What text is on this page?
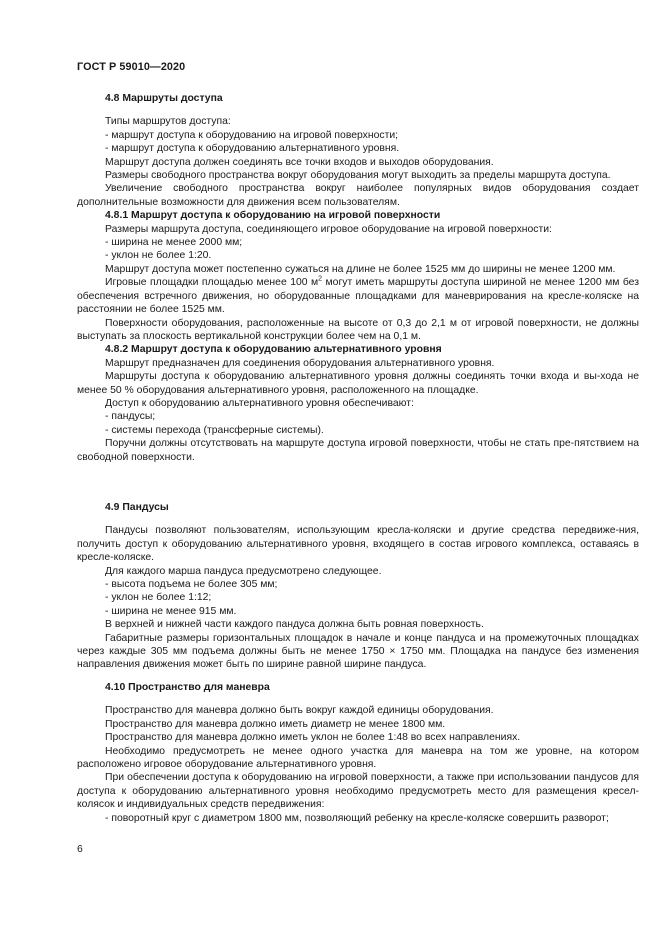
ГОСТ Р 59010—2020
4.8 Маршруты доступа

Типы маршрутов доступа:

- маршрут доступа к оборудованию на игровой поверхности;

- маршрут доступа к оборудованию альтернативного уровня.

Маршрут доступа должен соединять все точки входов и выходов оборудования.

Размеры свободного пространства вокруг оборудования могут выходить за пределы маршрута доступа.

Увеличение свободного пространства вокруг наиболее популярных видов оборудования создает дополнительные возможности для движения всем пользователям.

4.8.1 Маршрут доступа к оборудованию на игровой поверхности

Размеры маршрута доступа, соединяющего игровое оборудование на игровой поверхности:

- ширина не менее 2000 мм;

- уклон не более 1:20.

Маршрут доступа может постепенно сужаться на длине не более 1525 мм до ширины не менее 1200 мм.

Игровые площадки площадью менее 100 $м^2$ могут иметь маршруты доступа шириной не менее 1200 мм без обеспечения встречного движения, но оборудованные площадками для маневрирования на кресле-коляске на расстоянии не более 1525 мм.

Поверхности оборудования, расположенные на высоте от 0,3 до 2,1 м от игровой поверхности, не должны выступать за плоскость вертикальной конструкции более чем на 0,1 м.

4.8.2 Маршрут доступа к оборудованию альтернативного уровня

Маршрут предназначен для соединения оборудования альтернативного уровня.

Маршруты доступа к оборудованию альтернативного уровня должны соединять точки входа и вы-хода не менее 50 % оборудования альтернативного уровня, расположенного на площадке.

Доступ к оборудованию альтернативного уровня обеспечивают:

- пандусы;

- системы перехода (трансферные системы).

Поручни должны отсутствовать на маршруте доступа игровой поверхности, чтобы не стать пре-пятствием на свободной поверхности.

4.9 Пандусы

Пандусы позволяют пользователям, использующим кресла-коляски и другие средства передвиже-ния, получить доступ к оборудованию альтернативного уровня, входящего в состав игрового комплекса, оставаясь в кресле-коляске.

Для каждого марша пандуса предусмотрено следующее.

- высота подъема не более 305 мм;

- уклон не более 1:12;

- ширина не менее 915 мм.

В верхней и нижней части каждого пандуса должна быть ровная поверхность.

Габаритные размеры горизонтальных площадок в начале и конце пандуса и на промежуточных площадках через каждые 305 мм подъема должны быть не менее 1750 × 1750 мм. Площадка на пандусе без изменения направления движения может быть по ширине равной ширине пандуса.

4.10 Пространство для маневра

Пространство для маневра должно быть вокруг каждой единицы оборудования.

Пространство для маневра должно иметь диаметр не менее 1800 мм.

Пространство для маневра должно иметь уклон не более 1:48 во всех направлениях.

Необходимо предусмотреть не менее одного участка для маневра на том же уровне, на котором расположено игровое оборудование альтернативного уровня.

При обеспечении доступа к оборудованию на игровой поверхности, а также при использовании пандусов для доступа к оборудованию альтернативного уровня необходимо предусмотреть место для размещения кресел-колясок и индивидуальных средств передвижения:

- поворотный круг с диаметром 1800 мм, позволяющий ребенку на кресле-коляске совершить разворот;

6
